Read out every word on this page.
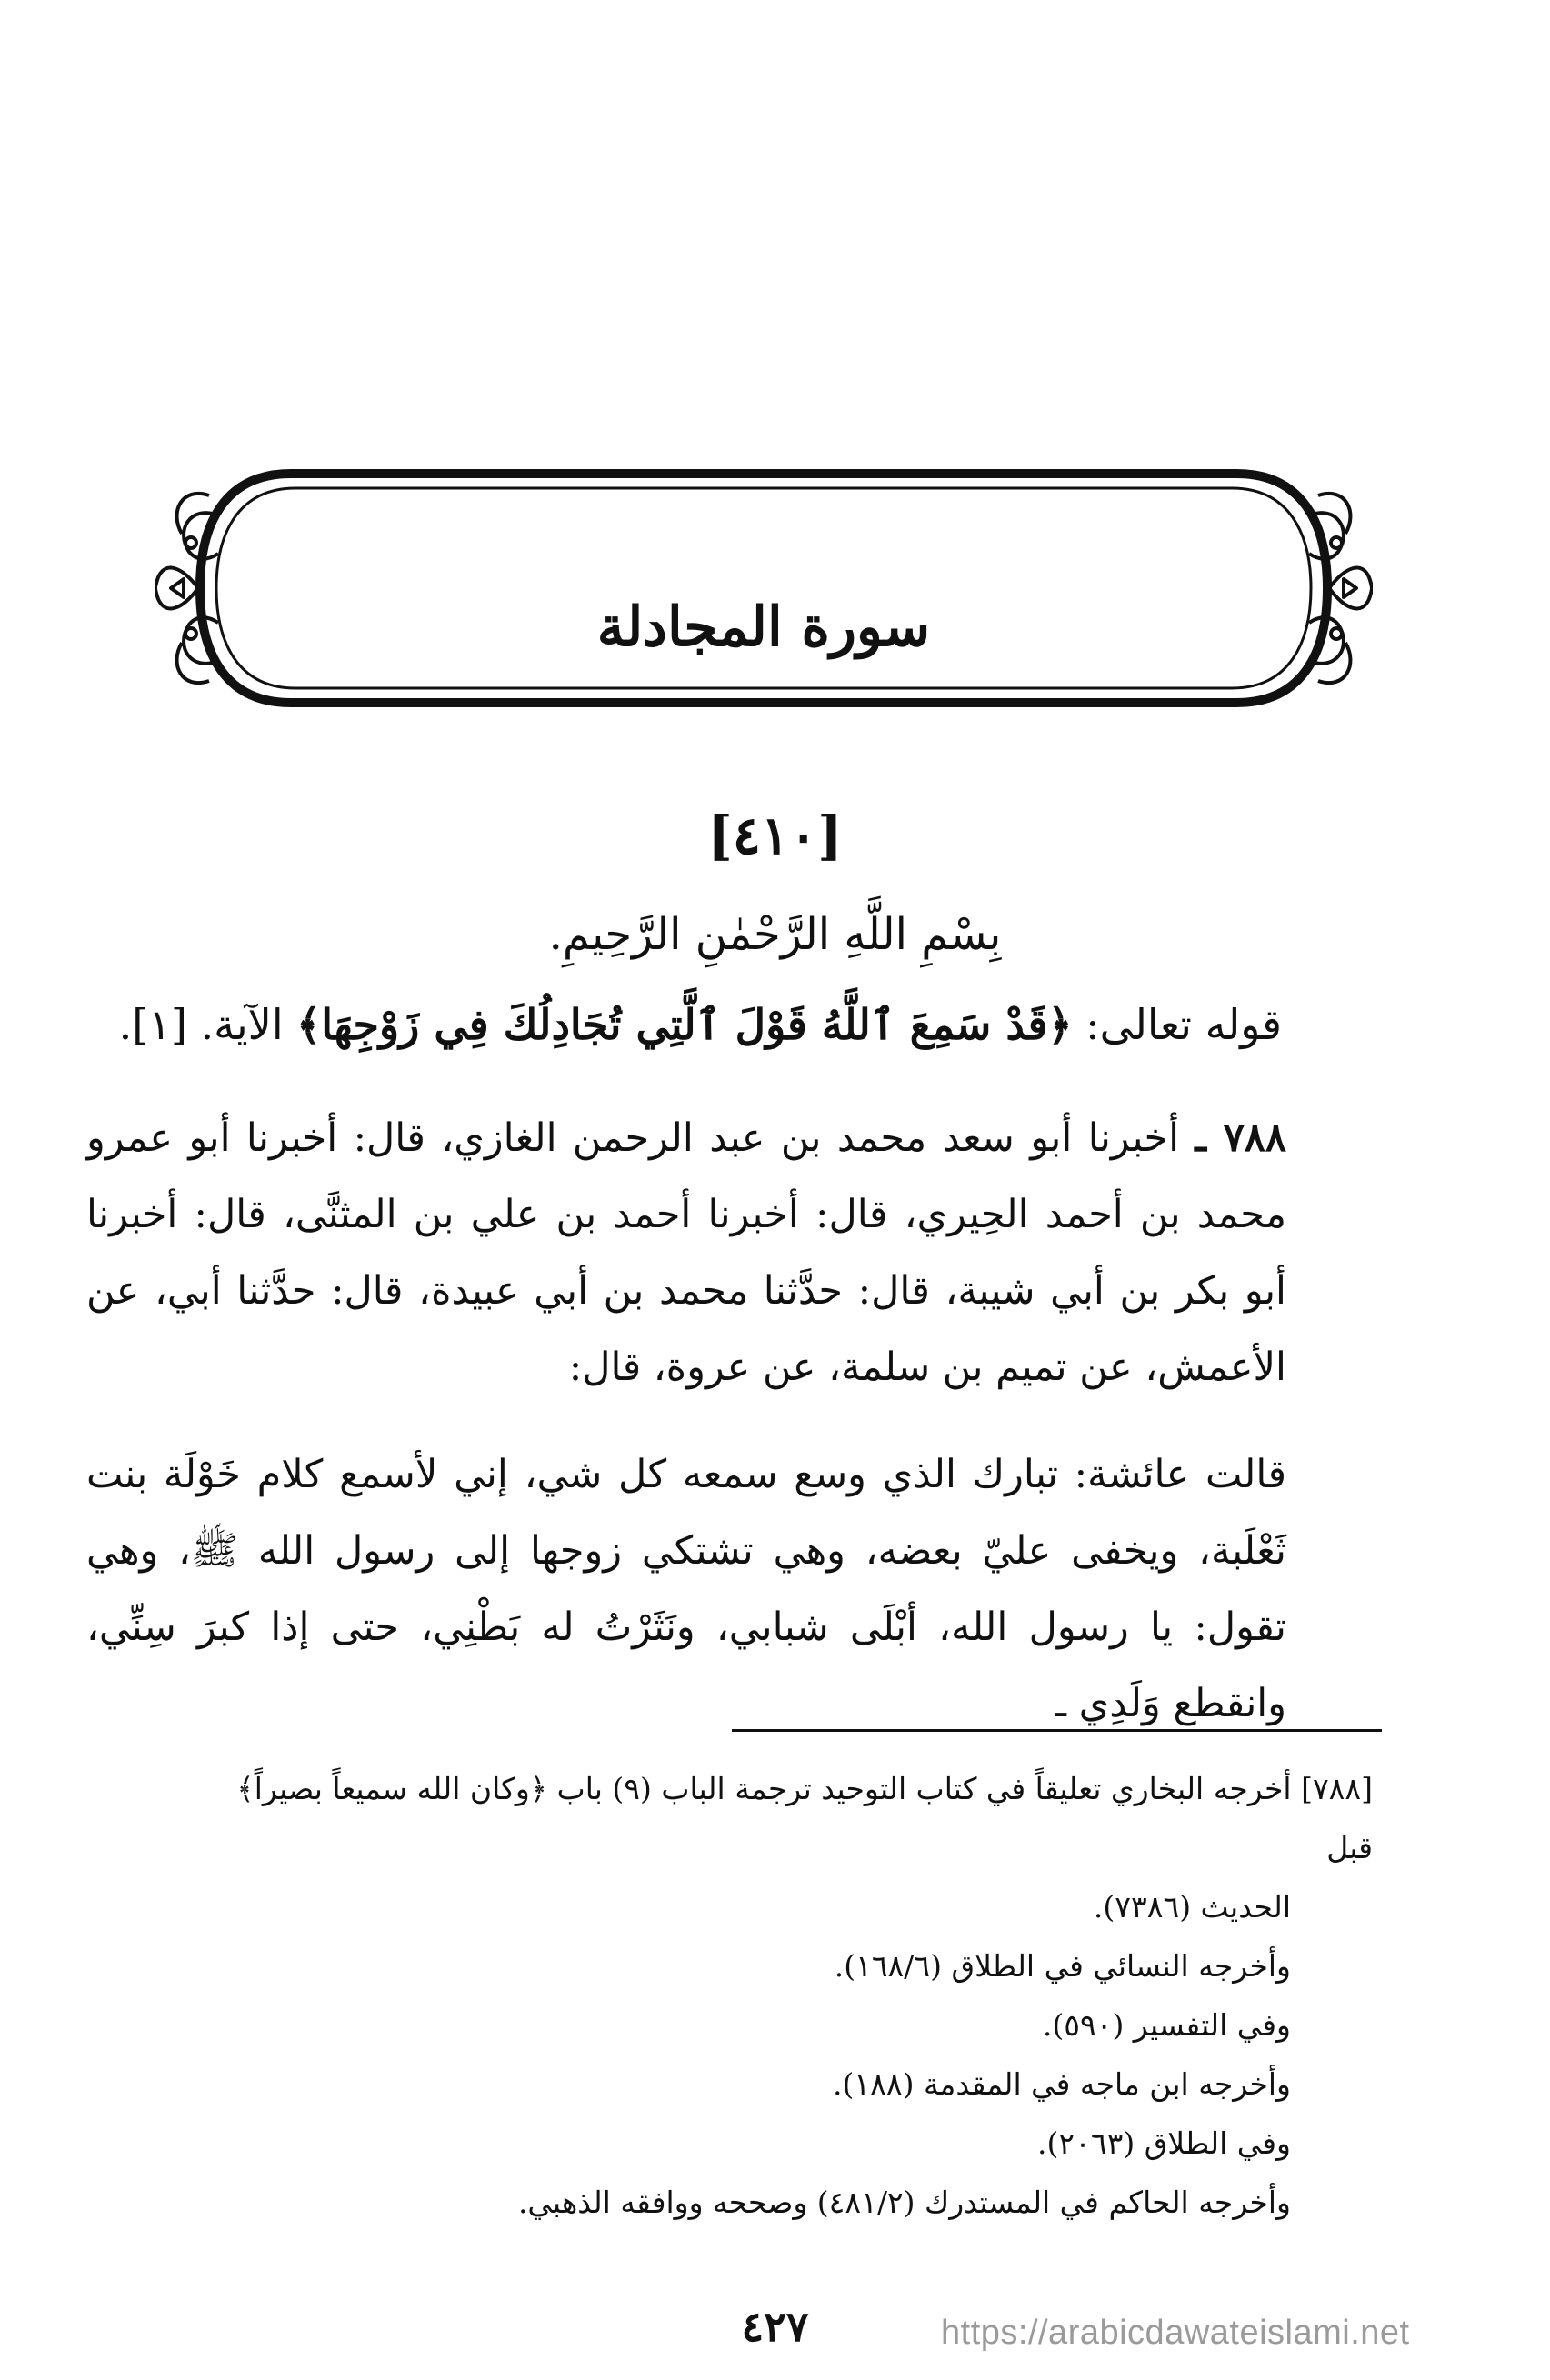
سورة المجادلة
[٤١٠]
بِسْمِ اللَّهِ الرَّحْمٰنِ الرَّحِيمِ.
قوله تعالى: ﴿قَدْ سَمِعَ ٱللَّهُ قَوْلَ ٱلَّتِي تُجَادِلُكَ فِي زَوْجِهَا﴾ الآية. [١].

٧٨٨ ـ أخبرنا أبو سعد محمد بن عبد الرحمن الغازي، قال: أخبرنا أبو عمرو محمد بن أحمد الحِيري، قال: أخبرنا أحمد بن علي بن المثنَّى، قال: أخبرنا أبو بكر بن أبي شيبة، قال: حدَّثنا محمد بن أبي عبيدة، قال: حدَّثنا أبي، عن الأعمش، عن تميم بن سلمة، عن عروة، قال:

قالت عائشة: تبارك الذي وسع سمعه كل شي، إني لأسمع كلام خَوْلَة بنت ثَعْلَبة، ويخفى عليّ بعضه، وهي تشتكي زوجها إلى رسول الله ﷺ، وهي تقول: يا رسول الله، أبْلَى شبابي، ونَثَرْتُ له بَطْنِي، حتى إذا كبرَ سِنِّي، وانقطع وَلَدِي ـ

[٧٨٨] أخرجه البخاري تعليقاً في كتاب التوحيد ترجمة الباب (٩) باب ﴿وكان الله سميعاً بصيراً﴾ قبل

الحديث (٧٣٨٦).

وأخرجه النسائي في الطلاق (١٦٨/٦).

وفي التفسير (٥٩٠).

وأخرجه ابن ماجه في المقدمة (١٨٨).

وفي الطلاق (٢٠٦٣).

وأخرجه الحاكم في المستدرك (٤٨١/٢) وصححه ووافقه الذهبي.

٤٢٧	https://arabicdawateislami.net
